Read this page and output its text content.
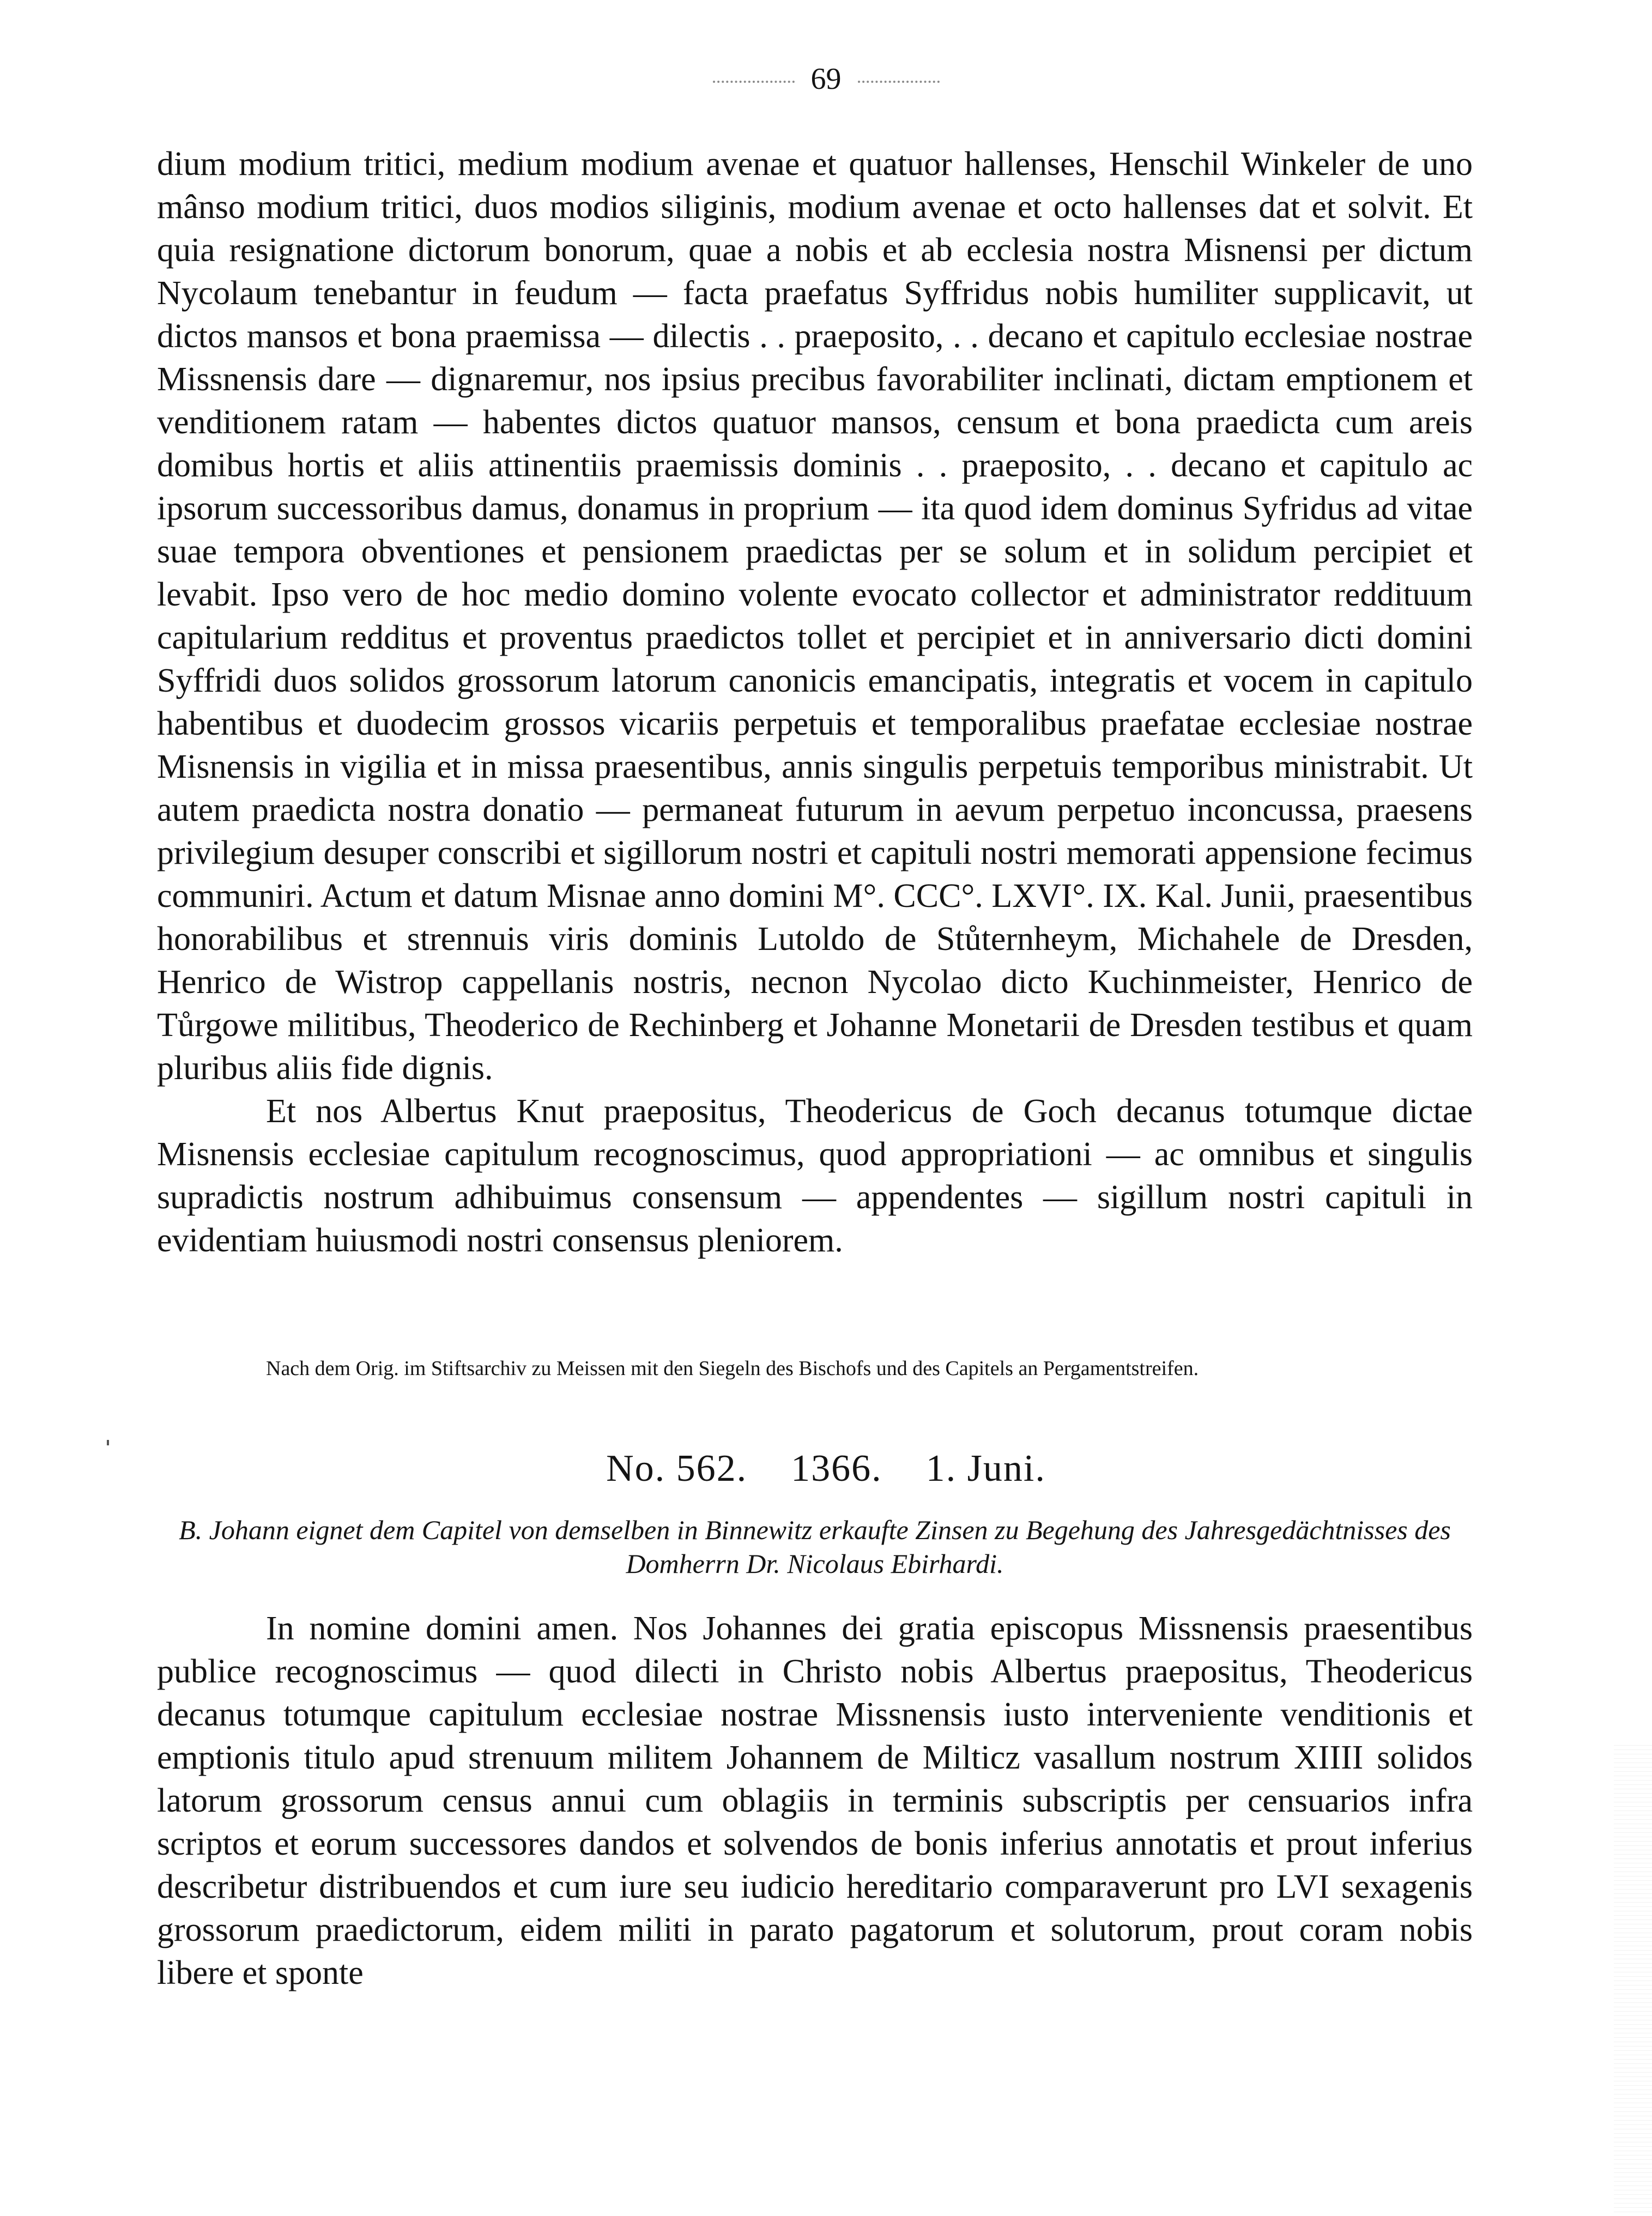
69

dium modium tritici, medium modium avenae et quatuor hallenses, Henschil Winkeler de uno mânso modium tritici, duos modios siliginis, modium avenae et octo hallenses dat et solvit. Et quia resignatione dictorum bonorum, quae a nobis et ab ecclesia nostra Misnensi per dictum Nycolaum tenebantur in feudum — facta praefatus Syffridus nobis humiliter supplicavit, ut dictos mansos et bona praemissa — dilectis . . praeposito, . . decano et capitulo ecclesiae nostrae Missnensis dare — dignaremur, nos ipsius precibus favorabiliter inclinati, dictam emptionem et venditionem ratam — habentes dictos quatuor mansos, censum et bona praedicta cum areis domibus hortis et aliis attinentiis praemissis dominis . . praeposito, . . decano et capitulo ac ipsorum successoribus damus, donamus in proprium — ita quod idem dominus Syfridus ad vitae suae tempora obventiones et pensionem praedictas per se solum et in solidum percipiet et levabit. Ipso vero de hoc medio domino volente evocato collector et administrator reddituum capitularium redditus et proventus praedictos tollet et percipiet et in anniversario dicti domini Syffridi duos solidos grossorum latorum canonicis emancipatis, integratis et vocem in capitulo habentibus et duodecim grossos vicariis perpetuis et temporalibus praefatae ecclesiae nostrae Misnensis in vigilia et in missa praesentibus, annis singulis perpetuis temporibus ministrabit. Ut autem praedicta nostra donatio — permaneat futurum in aevum perpetuo inconcussa, praesens privilegium desuper conscribi et sigillorum nostri et capituli nostri memorati appensione fecimus communiri. Actum et datum Misnae anno domini M°. CCC°. LXVI°. IX. Kal. Junii, praesentibus honorabilibus et strennuis viris dominis Lutoldo de Stůternheym, Michahele de Dresden, Henrico de Wistrop cappellanis nostris, necnon Nycolao dicto Kuchinmeister, Henrico de Tůrgowe militibus, Theoderico de Rechinberg et Johanne Monetarii de Dresden testibus et quam pluribus aliis fide dignis.

Et nos Albertus Knut praepositus, Theodericus de Goch decanus totumque dictae Misnensis ecclesiae capitulum recognoscimus, quod appropriationi — ac omnibus et singulis supradictis nostrum adhibuimus consensum — appendentes — sigillum nostri capituli in evidentiam huiusmodi nostri consensus pleniorem.

Nach dem Orig. im Stiftsarchiv zu Meissen mit den Siegeln des Bischofs und des Capitels an Pergamentstreifen.
No. 562. 1366. 1. Juni.
B. Johann eignet dem Capitel von demselben in Binnewitz erkaufte Zinsen zu Begehung des Jahresgedächtnisses des Domherrn Dr. Nicolaus Ebirhardi.

In nomine domini amen. Nos Johannes dei gratia episcopus Missnensis praesentibus publice recognoscimus — quod dilecti in Christo nobis Albertus praepositus, Theodericus decanus totumque capitulum ecclesiae nostrae Missnensis iusto interveniente venditionis et emptionis titulo apud strenuum militem Johannem de Milticz vasallum nostrum XIIII solidos latorum grossorum census annui cum oblagiis in terminis subscriptis per censuarios infra scriptos et eorum successores dandos et solvendos de bonis inferius annotatis et prout inferius describetur distribuendos et cum iure seu iudicio hereditario comparaverunt pro LVI sexagenis grossorum praedictorum, eidem militi in parato pagatorum et solutorum, prout coram nobis libere et sponte
